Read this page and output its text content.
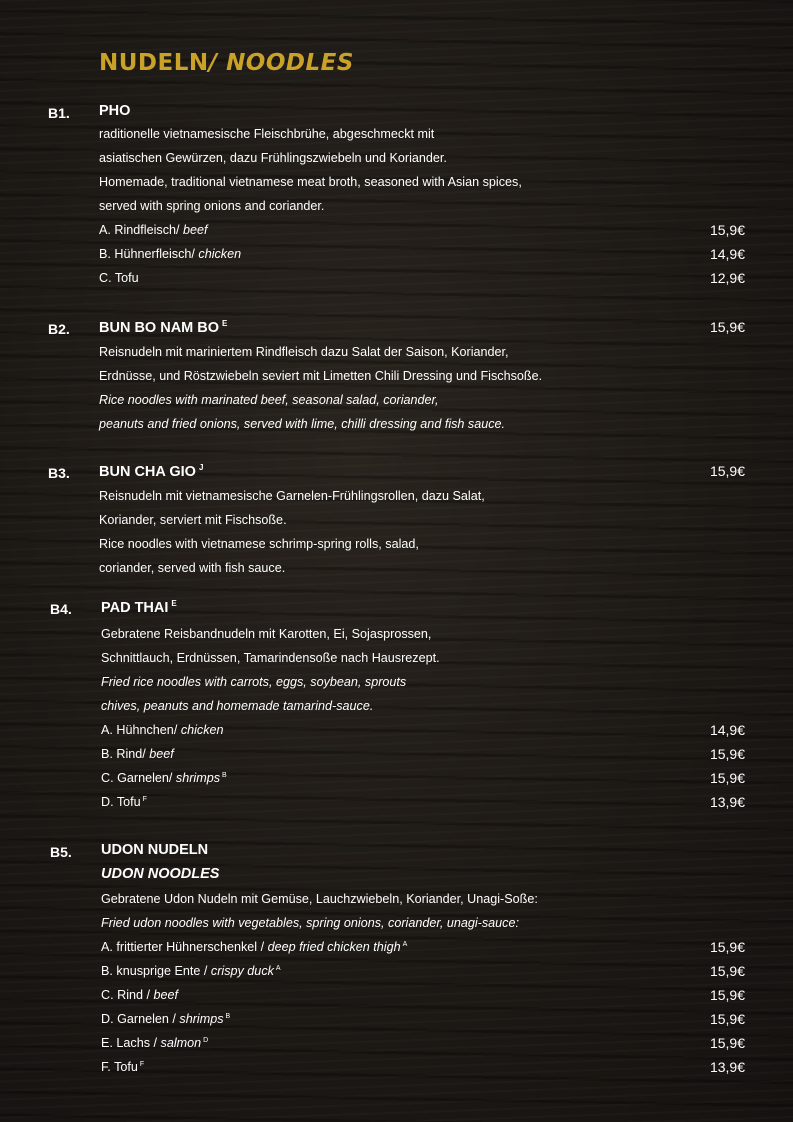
NUDELN/ NOODLES
B1. PHO
raditionelle vietnamesische Fleischbrühe, abgeschmeckt mit
asiatischen Gewürzen, dazu Frühlingszwiebeln und Koriander.
Homemade, traditional vietnamese meat broth, seasoned with Asian spices,
served with spring onions and coriander.
A. Rindfleisch/ beef	15,9€
B. Hühnerfleisch/ chicken	14,9€
C. Tofu	12,9€
B2. BUN BO NAM BO $^E$	15,9€
Reisnudeln mit mariniertem Rindfleisch dazu Salat der Saison, Koriander,
Erdnüsse, und Röstzwiebeln seviert mit Limetten Chili Dressing und Fischsoße.
Rice noodles with marinated beef, seasonal salad, coriander,
peanuts and fried onions, served with lime, chilli dressing and fish sauce.
B3. BUN CHA GIO $^J$	15,9€
Reisnudeln mit vietnamesische Garnelen-Frühlingsrollen, dazu Salat,
Koriander, serviert mit Fischsoße.
Rice noodles with vietnamese schrimp-spring rolls, salad,
coriander, served with fish sauce.
B4. PAD THAI $^E$
Gebratene Reisbandnudeln mit Karotten, Ei, Sojasprossen,
Schnittlauch, Erdnüssen, Tamarindensoße nach Hausrezept.
Fried rice noodles with carrots, eggs, soybean, sprouts
chives, peanuts and homemade tamarind-sauce.
A. Hühnchen/ chicken	14,9€
B. Rind/ beef	15,9€
C. Garnelen/ shrimps $^B$	15,9€
D. Tofu $^F$	13,9€
B5. UDON NUDELN
UDON NOODLES
Gebratene Udon Nudeln mit Gemüse, Lauchzwiebeln, Koriander, Unagi-Soße:
Fried udon noodles with vegetables, spring onions, coriander, unagi-sauce:
A. frittierter Hühnerschenkel / deep fried chicken thigh $^A$	15,9€
B. knusprige Ente / crispy duck $^A$	15,9€
C. Rind / beef	15,9€
D. Garnelen / shrimps $^B$	15,9€
E. Lachs / salmon $^D$	15,9€
F. Tofu $^F$	13,9€
